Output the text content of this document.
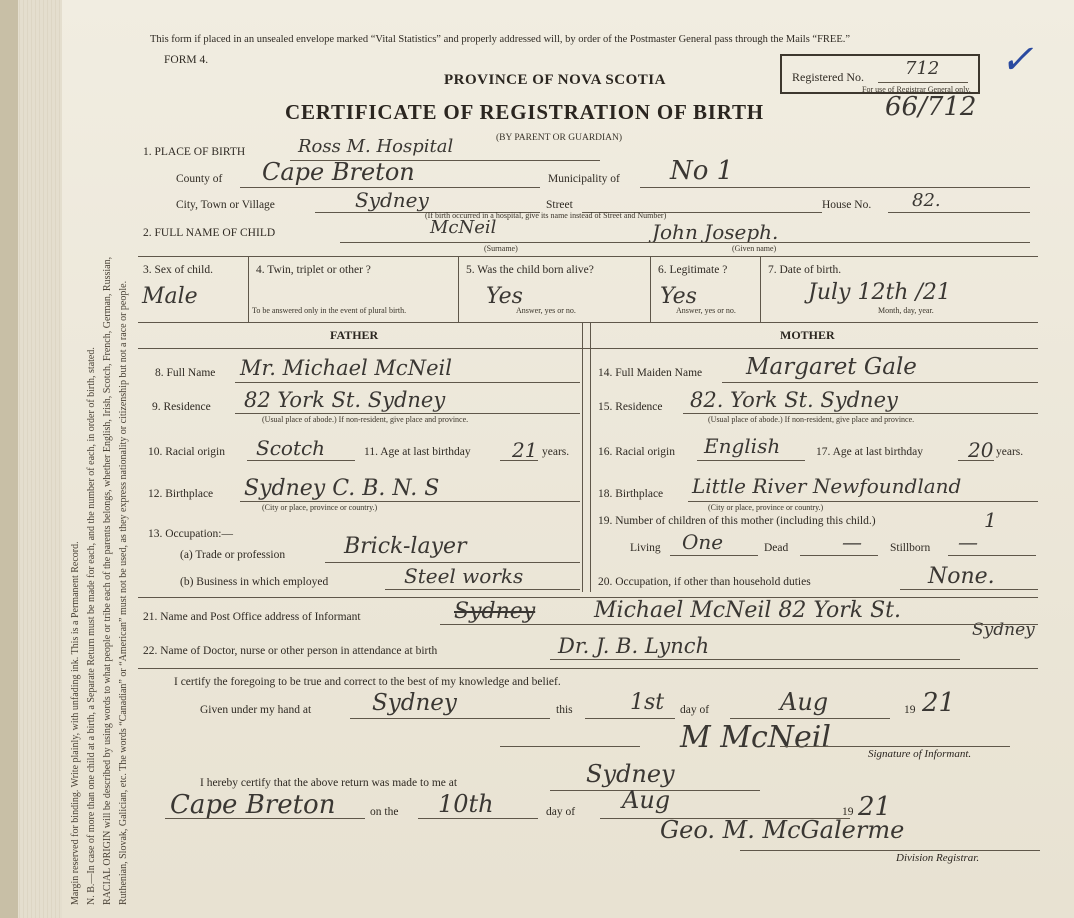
Margin reserved for binding. Write plainly, with unfading ink. This is a Permanent Record. N. B.—In case of more than one child at a birth, a Separate Return must be made for each, and the number of each, in order of birth, stated. RACIAL ORIGIN will be described by using words to what people or tribe each of the parents belongs, whether English, Irish, Scotch, French, German, Russian, Ruthenian, Slovak, Galician, etc. The words “Canadian” or “American” must not be used, as they express nationality or citizenship but not a race or people.
This form if placed in an unsealed envelope marked “Vital Statistics” and properly addressed will, by order of the Postmaster General pass through the Mails “FREE.”
FORM 4.
PROVINCE OF NOVA SCOTIA
CERTIFICATE OF REGISTRATION OF BIRTH	66/712
(BY PARENT OR GUARDIAN)
Registered No. 712
For use of Registrar General only.
✓
1. PLACE OF BIRTH	Ross M. Hospital
County of Cape Breton	Municipality of No 1
City, Town or Village	Sydney	Street	House No. 82.
(If birth occurred in a hospital, give its name instead of Street and Number)
2. FULL NAME OF CHILD	McNeil	John Joseph.
(Surname)	(Given name)
3. Sex of child.
Male
4. Twin, triplet or other ?
To be answered only in the event of plural birth.
5. Was the child born alive?
Yes
Answer, yes or no.
6. Legitimate ?
Yes
Answer, yes or no.
7. Date of birth.
July 12th /21
Month, day, year.
FATHER	MOTHER
8. Full Name Mr. Michael McNeil
9. Residence 82 York St. Sydney
(Usual place of abode.) If non-resident, give place and province.
10. Racial origin Scotch	11. Age at last birthday 21 years.
12. Birthplace Sydney C. B. N. S
(City or place, province or country.)
13. Occupation:—
(a) Trade or profession	Brick-layer
(b) Business in which employed	Steel works
14. Full Maiden Name Margaret Gale
15. Residence 82. York St. Sydney
(Usual place of abode.) If non-resident, give place and province.
16. Racial origin English	17. Age at last birthday 20 years.
18. Birthplace Little River Newfoundland
(City or place, province or country.)
19. Number of children of this mother (including this child.)	1
Living One	Dead	— Stillborn —
20. Occupation, if other than household duties	None.
21. Name and Post Office address of Informant	Sydney	Michael McNeil 82 York St.
Sydney
22. Name of Doctor, nurse or other person in attendance at birth	Dr. J. B. Lynch
I certify the foregoing to be true and correct to the best of my knowledge and belief.
Given under my hand at	Sydney	this	1st day of	Aug	19 21
M McNeil	Signature of Informant.
I hereby certify that the above return was made to me at	Sydney
Cape Breton	on the 10th	day of Aug	19 21
Geo. M. McGalerme
Division Registrar.
